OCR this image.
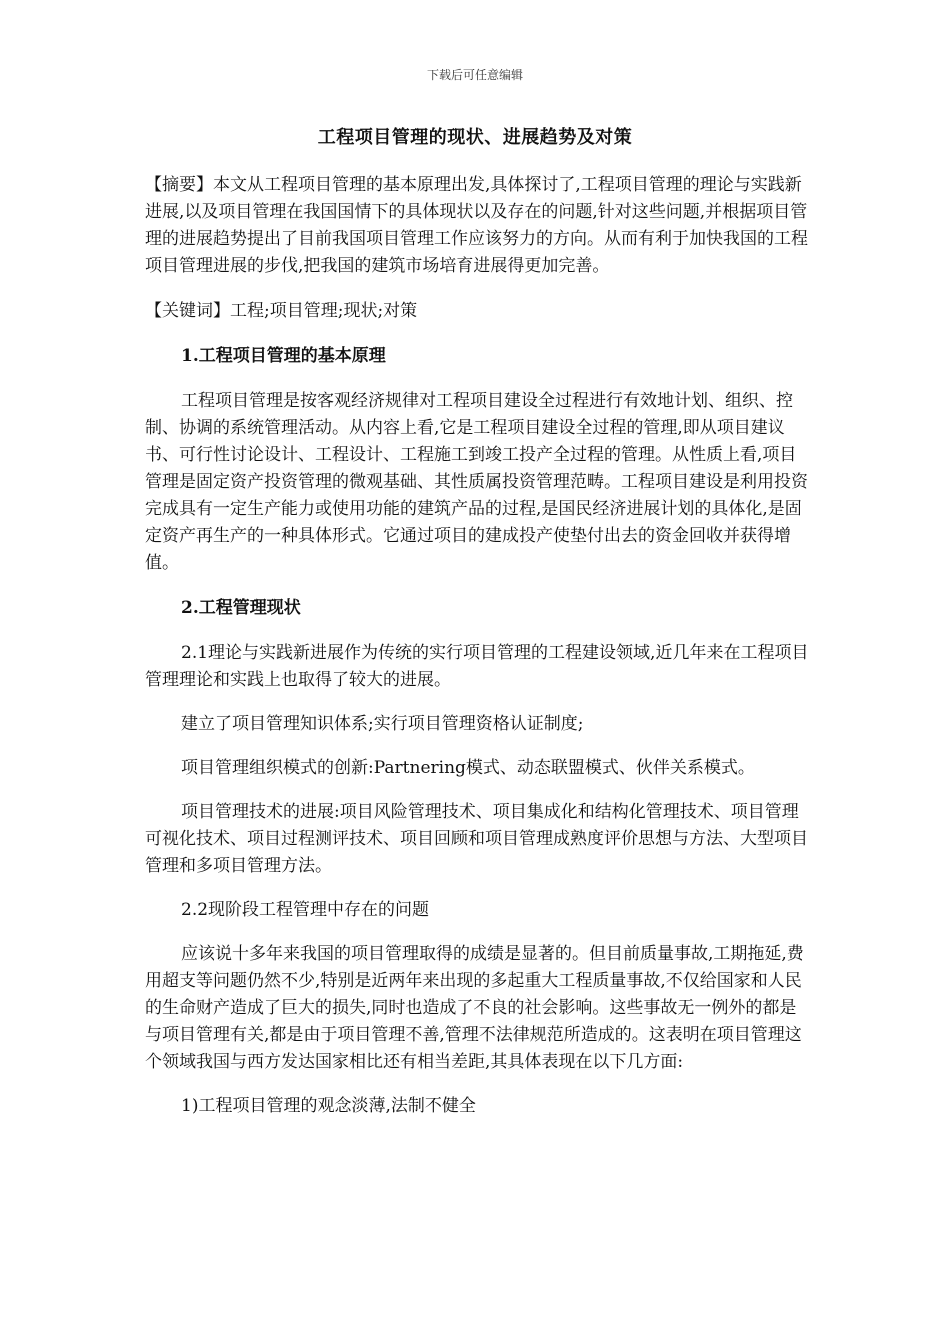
下载后可任意编辑
工程项目管理的现状、进展趋势及对策

【摘要】本文从工程项目管理的基本原理出发,具体探讨了,工程项目管理的理论与实践新进展,以及项目管理在我国国情下的具体现状以及存在的问题,针对这些问题,并根据项目管理的进展趋势提出了目前我国项目管理工作应该努力的方向。从而有利于加快我国的工程项目管理进展的步伐,把我国的建筑市场培育进展得更加完善。

【关键词】工程;项目管理;现状;对策

1.工程项目管理的基本原理

工程项目管理是按客观经济规律对工程项目建设全过程进行有效地计划、组织、控制、协调的系统管理活动。从内容上看,它是工程项目建设全过程的管理,即从项目建议书、可行性讨论设计、工程设计、工程施工到竣工投产全过程的管理。从性质上看,项目管理是固定资产投资管理的微观基础、其性质属投资管理范畴。工程项目建设是利用投资完成具有一定生产能力或使用功能的建筑产品的过程,是国民经济进展计划的具体化,是固定资产再生产的一种具体形式。它通过项目的建成投产使垫付出去的资金回收并获得增值。

2.工程管理现状

2.1理论与实践新进展作为传统的实行项目管理的工程建设领域,近几年来在工程项目管理理论和实践上也取得了较大的进展。

建立了项目管理知识体系;实行项目管理资格认证制度;

项目管理组织模式的创新:Partnering模式、动态联盟模式、伙伴关系模式。

项目管理技术的进展:项目风险管理技术、项目集成化和结构化管理技术、项目管理可视化技术、项目过程测评技术、项目回顾和项目管理成熟度评价思想与方法、大型项目管理和多项目管理方法。

2.2现阶段工程管理中存在的问题

应该说十多年来我国的项目管理取得的成绩是显著的。但目前质量事故,工期拖延,费用超支等问题仍然不少,特别是近两年来出现的多起重大工程质量事故,不仅给国家和人民的生命财产造成了巨大的损失,同时也造成了不良的社会影响。这些事故无一例外的都是与项目管理有关,都是由于项目管理不善,管理不法律规范所造成的。这表明在项目管理这个领域我国与西方发达国家相比还有相当差距,其具体表现在以下几方面:

1)工程项目管理的观念淡薄,法制不健全
